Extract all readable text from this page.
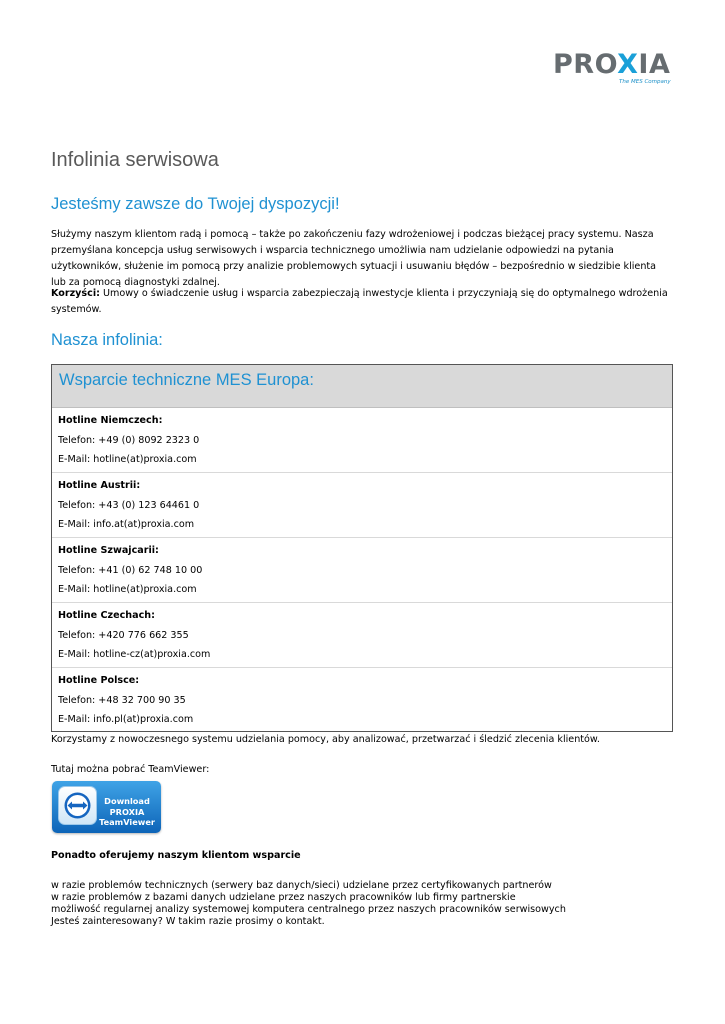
PROXIA
The MES Company
Infolinia serwisowa
Jesteśmy zawsze do Twojej dyspozycji!

Służymy naszym klientom radą i pomocą – także po zakończeniu fazy wdrożeniowej i podczas bieżącej pracy systemu. Nasza przemyślana koncepcja usług serwisowych i wsparcia technicznego umożliwia nam udzielanie odpowiedzi na pytania użytkowników, służenie im pomocą przy analizie problemowych sytuacji i usuwaniu błędów – bezpośrednio w siedzibie klienta lub za pomocą diagnostyki zdalnej.

Korzyści: Umowy o świadczenie usług i wsparcia zabezpieczają inwestycje klienta i przyczyniają się do optymalnego wdrożenia systemów.

Nasza infolinia:
Wsparcie techniczne MES Europa:
Hotline Niemczech:
Telefon: +49 (0) 8092 2323 0
E-Mail: hotline(at)proxia.com
Hotline Austrii:
Telefon: +43 (0) 123 64461 0
E-Mail: info.at(at)proxia.com
Hotline Szwajcarii:
Telefon: +41 (0) 62 748 10 00
E-Mail: hotline(at)proxia.com
Hotline Czechach:
Telefon: +420 776 662 355
E-Mail: hotline-cz(at)proxia.com
Hotline Polsce:
Telefon: +48 32 700 90 35
E-Mail: info.pl(at)proxia.com

Korzystamy z nowoczesnego systemu udzielania pomocy, aby analizować, przetwarzać i śledzić zlecenia klientów.

Tutaj można pobrać TeamViewer:

Download
PROXIA
TeamViewer

Ponadto oferujemy naszym klientom wsparcie

w razie problemów technicznych (serwery baz danych/sieci) udzielane przez certyfikowanych partnerów

w razie problemów z bazami danych udzielane przez naszych pracowników lub firmy partnerskie

możliwość regularnej analizy systemowej komputera centralnego przez naszych pracowników serwisowych

Jesteś zainteresowany? W takim razie prosimy o kontakt.
